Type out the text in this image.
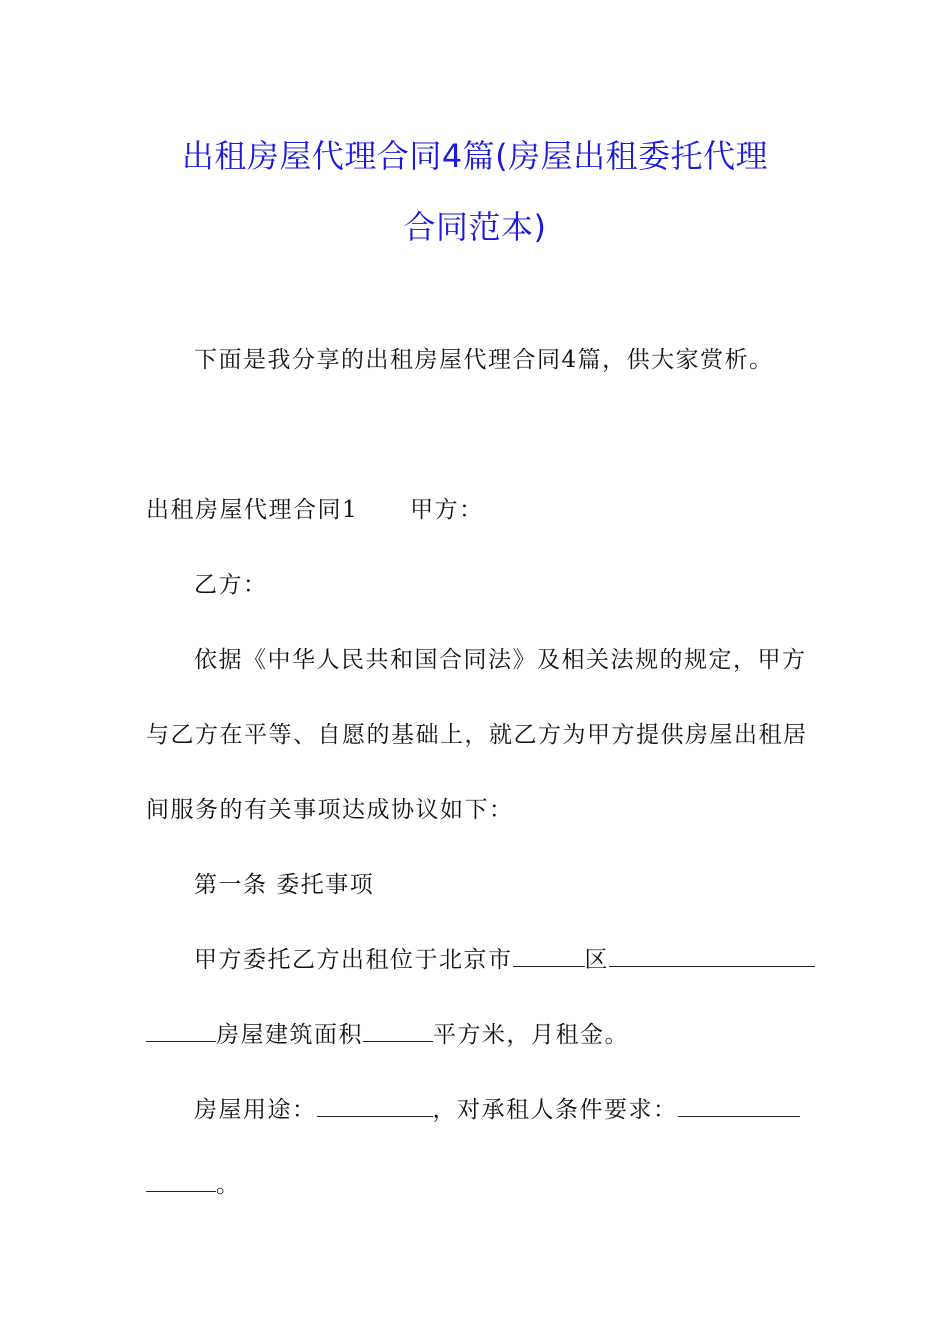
出租房屋代理合同4篇(房屋出租委托代理
合同范本)
下面是我分享的出租房屋代理合同4篇，供大家赏析。
出租房屋代理合同1 甲方：
乙方：
依据《中华人民共和国合同法》及相关法规的规定，甲方
与乙方在平等、自愿的基础上，就乙方为甲方提供房屋出租居
间服务的有关事项达成协议如下：
第一条 委托事项
甲方委托乙方出租位于北京市	区
房屋建筑面积	平方米，月租金。
房屋用途：	，对承租人条件要求：
。
